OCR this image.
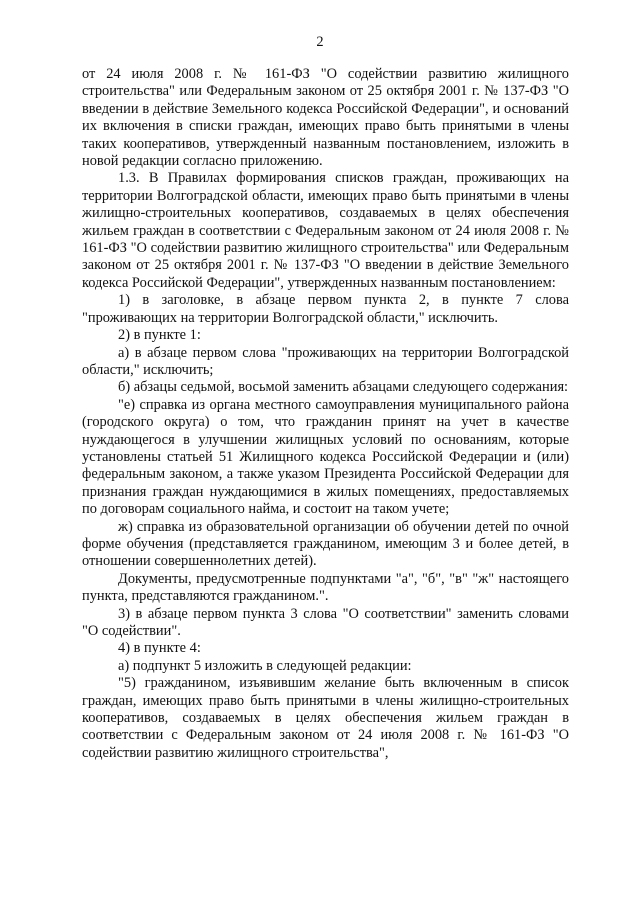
2

от 24 июля 2008 г. № 161-ФЗ "О содействии развитию жилищного строительства" или Федеральным законом от 25 октября 2001 г. № 137-ФЗ "О введении в действие Земельного кодекса Российской Федерации", и оснований их включения в списки граждан, имеющих право быть принятыми в члены таких кооперативов, утвержденный названным постановлением, изложить в новой редакции согласно приложению.

1.3. В Правилах формирования списков граждан, проживающих на территории Волгоградской области, имеющих право быть принятыми в члены жилищно-строительных кооперативов, создаваемых в целях обеспечения жильем граждан в соответствии с Федеральным законом от 24 июля 2008 г. № 161-ФЗ "О содействии развитию жилищного строительства" или Федеральным законом от 25 октября 2001 г. № 137-ФЗ "О введении в действие Земельного кодекса Российской Федерации", утвержденных названным постановлением:

1) в заголовке, в абзаце первом пункта 2, в пункте 7 слова "проживающих на территории Волгоградской области," исключить.

2) в пункте 1:

а) в абзаце первом слова "проживающих на территории Волгоградской области," исключить;

б) абзацы седьмой, восьмой заменить абзацами следующего содержания:

"е) справка из органа местного самоуправления муниципального района (городского округа) о том, что гражданин принят на учет в качестве нуждающегося в улучшении жилищных условий по основаниям, которые установлены статьей 51 Жилищного кодекса Российской Федерации и (или) федеральным законом, а также указом Президента Российской Федерации для признания граждан нуждающимися в жилых помещениях, предоставляемых по договорам социального найма, и состоит на таком учете;

ж) справка из образовательной организации об обучении детей по очной форме обучения (представляется гражданином, имеющим 3 и более детей, в отношении совершеннолетних детей).

Документы, предусмотренные подпунктами "а", "б", "в" "ж" настоящего пункта, представляются гражданином.".

3) в абзаце первом пункта 3 слова "О соответствии" заменить словами "О содействии".

4) в пункте 4:

а) подпункт 5 изложить в следующей редакции:

"5) гражданином, изъявившим желание быть включенным в список граждан, имеющих право быть принятыми в члены жилищно-строительных кооперативов, создаваемых в целях обеспечения жильем граждан в соответствии с Федеральным законом от 24 июля 2008 г. № 161-ФЗ "О содействии развитию жилищного строительства",
